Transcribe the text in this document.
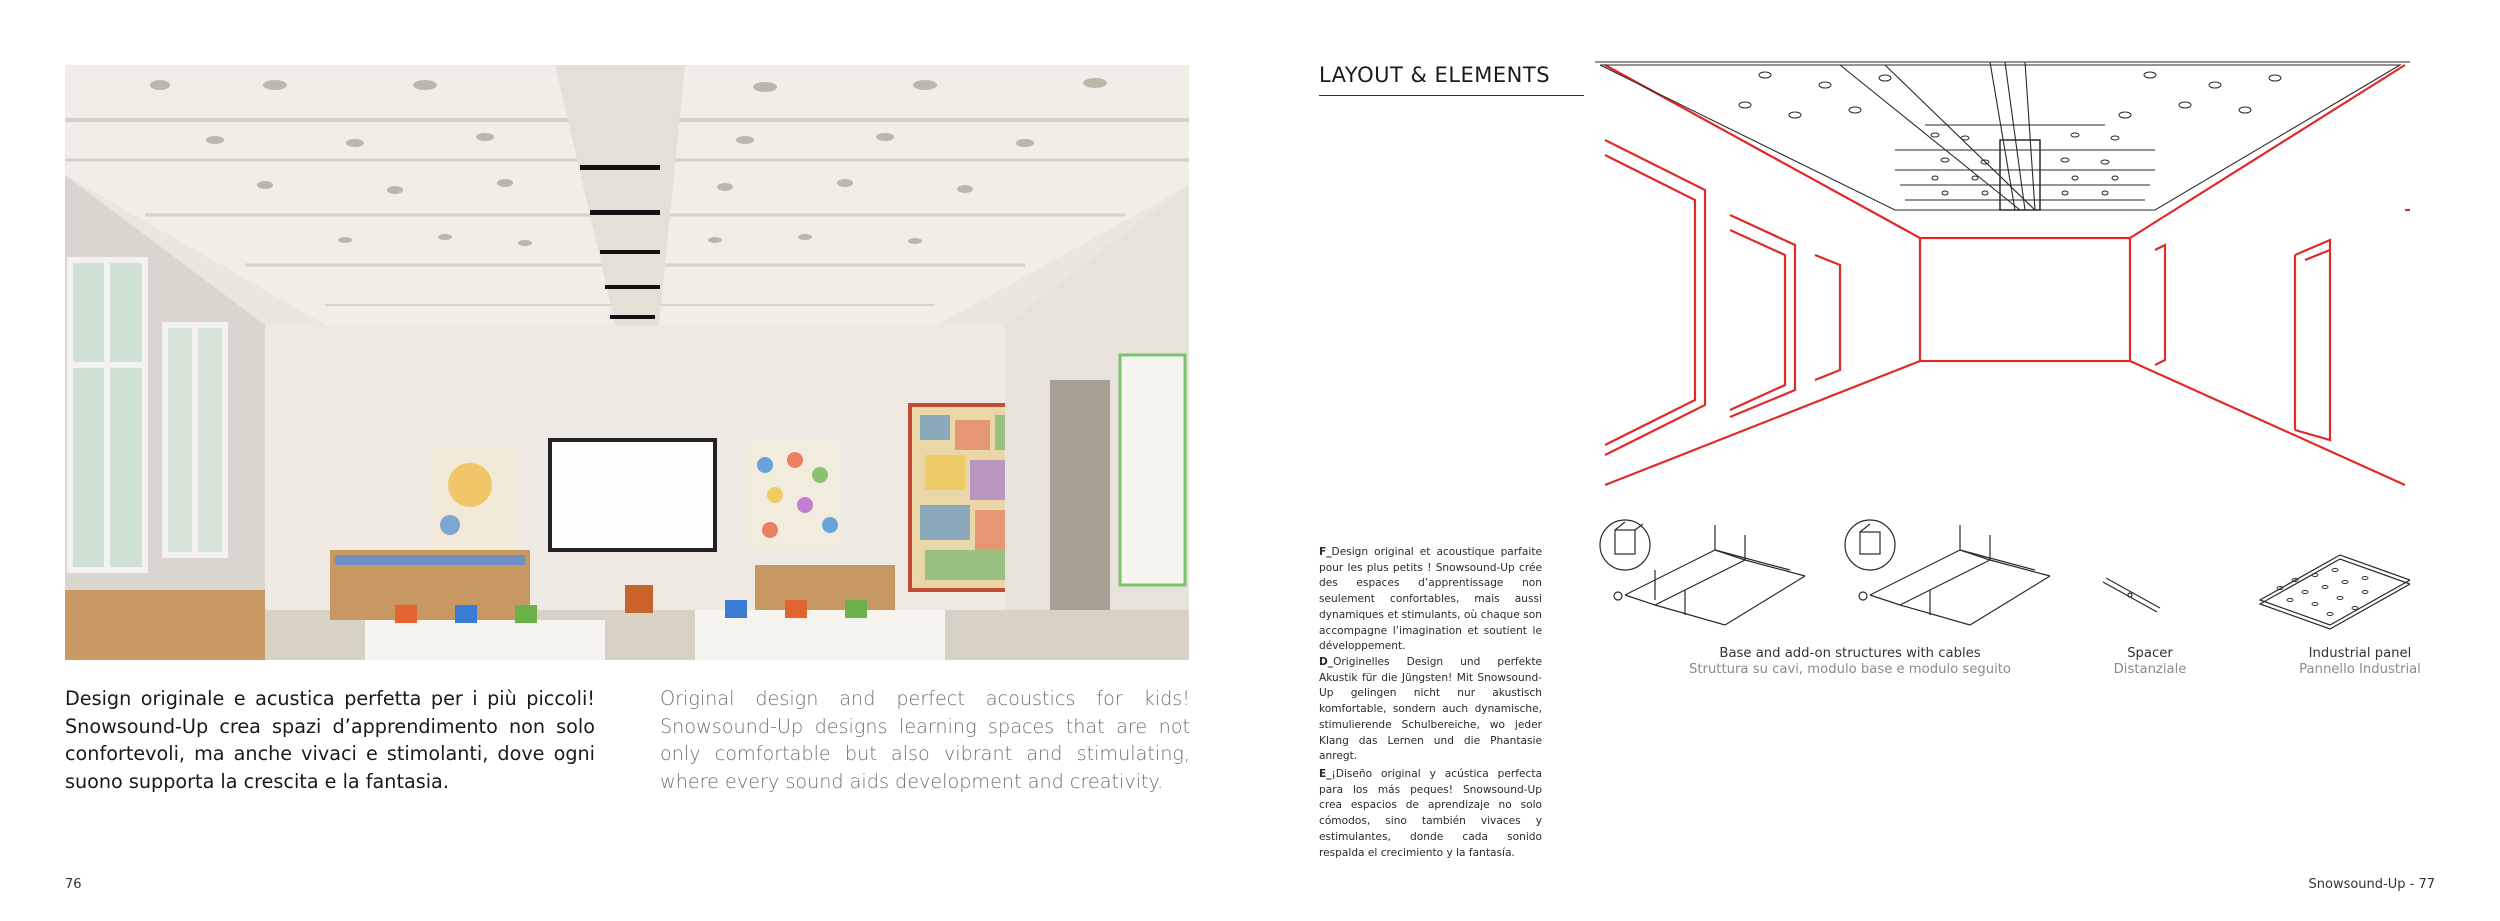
Design originale e acustica perfetta per i più piccoli! Snowsound-Up crea spazi d’apprendimento non solo confortevoli, ma anche vivaci e stimolanti, dove ogni suono supporta la crescita e la fantasia.
Original design and perfect acoustics for kids! Snowsound-Up designs learning spaces that are not only comfortable but also vibrant and stimulating, where every sound aids development and creativity.
76
LAYOUT & ELEMENTS
F_Design original et acoustique parfaite pour les plus petits ! Snowsound-Up crée des espaces d’apprentissage non seulement confortables, mais aussi dynamiques et stimulants, où chaque son accompagne l’imagination et soutient le développement.
D_Originelles Design und perfekte Akustik für die Jüngsten! Mit Snowsound-Up gelingen nicht nur akustisch komfortable, sondern auch dynamische, stimulierende Schulbereiche, wo jeder Klang das Lernen und die Phantasie anregt.
E_¡Diseño original y acústica perfecta para los más peques! Snowsound-Up crea espacios de aprendizaje no solo cómodos, sino también vivaces y estimulantes, donde cada sonido respalda el crecimiento y la fantasía.
Base and add-on structures with cables
Struttura su cavi, modulo base e modulo seguito
Spacer
Distanziale
Industrial panel
Pannello Industrial
Snowsound-Up - 77
